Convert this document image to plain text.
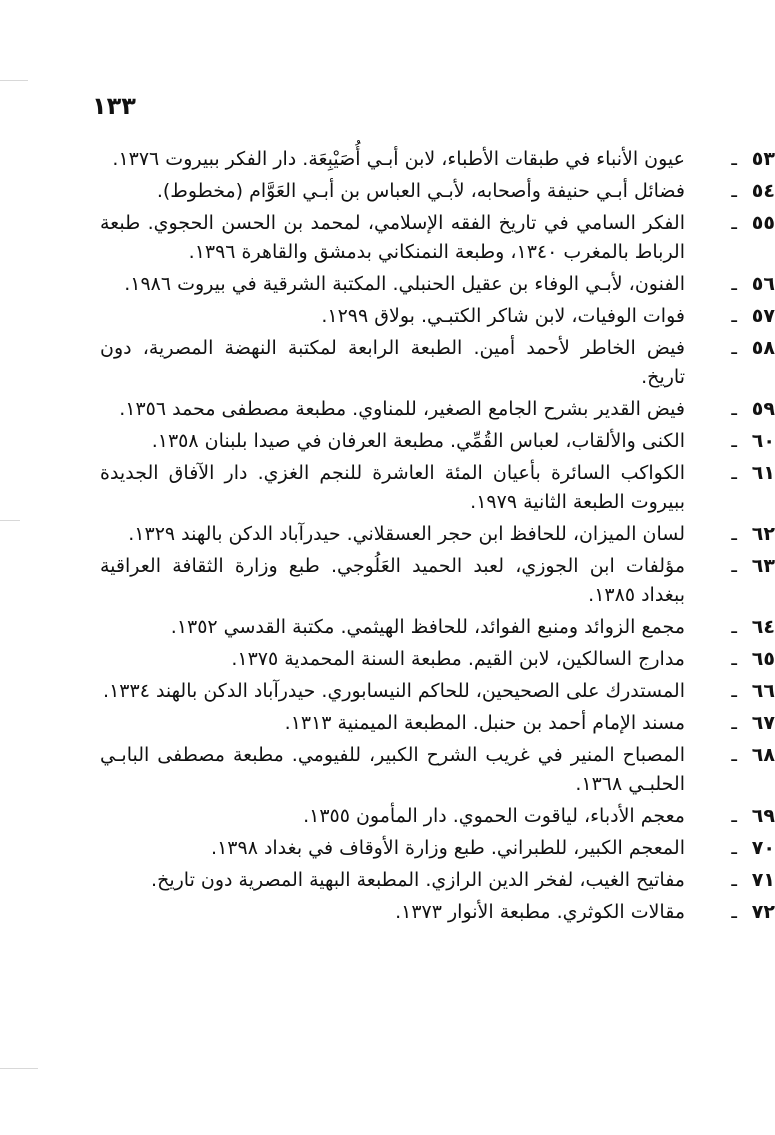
١٣٣
٥٣
ـ
عيون الأنباء في طبقات الأطباء، لابن أبـي أُصَيْبِعَة. دار الفكر ببيروت ١٣٧٦.
٥٤
ـ
فضائل أبـي حنيفة وأصحابه، لأبـي العباس بن أبـي العَوَّام (مخطوط).
٥٥
ـ
الفكر السامي في تاريخ الفقه الإسلامي، لمحمد بن الحسن الحجوي. طبعة الرباط بالمغرب ١٣٤٠، وطبعة النمنكاني بدمشق والقاهرة ١٣٩٦.
٥٦
ـ
الفنون، لأبـي الوفاء بن عقيل الحنبلي. المكتبة الشرقية في بيروت ١٩٨٦.
٥٧
ـ
فوات الوفيات، لابن شاكر الكتبـي. بولاق ١٢٩٩.
٥٨
ـ
فيض الخاطر لأحمد أمين. الطبعة الرابعة لمكتبة النهضة المصرية، دون تاريخ.
٥٩
ـ
فيض القدير بشرح الجامع الصغير، للمناوي. مطبعة مصطفى محمد ١٣٥٦.
٦٠
ـ
الكنى والألقاب، لعباس القُمِّي. مطبعة العرفان في صيدا بلبنان ١٣٥٨.
٦١
ـ
الكواكب السائرة بأعيان المئة العاشرة للنجم الغزي. دار الآفاق الجديدة ببيروت الطبعة الثانية ١٩٧٩.
٦٢
ـ
لسان الميزان، للحافظ ابن حجر العسقلاني. حيدرآباد الدكن بالهند ١٣٢٩.
٦٣
ـ
مؤلفات ابن الجوزي، لعبد الحميد العَلُوجي. طبع وزارة الثقافة العراقية ببغداد ١٣٨٥.
٦٤
ـ
مجمع الزوائد ومنبع الفوائد، للحافظ الهيثمي. مكتبة القدسي ١٣٥٢.
٦٥
ـ
مدارج السالكين، لابن القيم. مطبعة السنة المحمدية ١٣٧٥.
٦٦
ـ
المستدرك على الصحيحين، للحاكم النيسابوري. حيدرآباد الدكن بالهند ١٣٣٤.
٦٧
ـ
مسند الإمام أحمد بن حنبل. المطبعة الميمنية ١٣١٣.
٦٨
ـ
المصباح المنير في غريب الشرح الكبير، للفيومي. مطبعة مصطفى البابـي الحلبـي ١٣٦٨.
٦٩
ـ
معجم الأدباء، لياقوت الحموي. دار المأمون ١٣٥٥.
٧٠
ـ
المعجم الكبير، للطبراني. طبع وزارة الأوقاف في بغداد ١٣٩٨.
٧١
ـ
مفاتيح الغيب، لفخر الدين الرازي. المطبعة البهية المصرية دون تاريخ.
٧٢
ـ
مقالات الكوثري. مطبعة الأنوار ١٣٧٣.
